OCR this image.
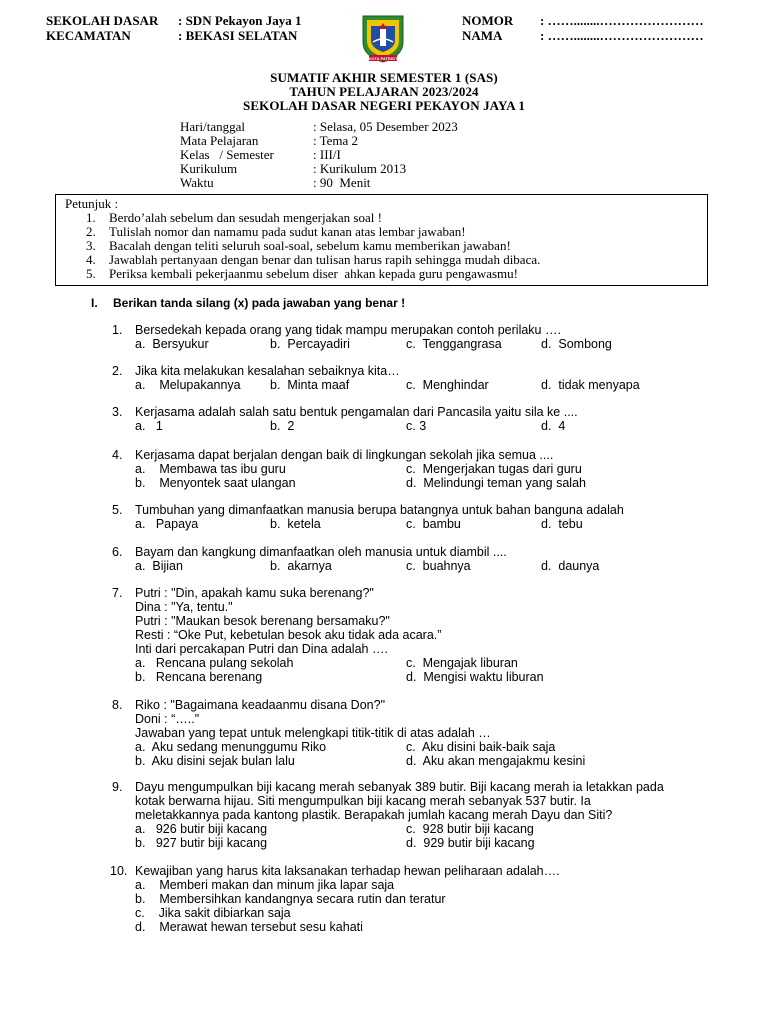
SEKOLAH DASAR : SDN Pekayon Jaya 1
KECAMATAN	: BEKASI SELATAN
NOMOR : ……........……………………
NAMA	: ……........……………………
KOTA PATRIOT
SUMATIF AKHIR SEMESTER 1 (SAS)
TAHUN PELAJARAN 2023/2024
SEKOLAH DASAR NEGERI PEKAYON JAYA 1
Hari/tanggal	: Selasa, 05 Desember 2023
Mata Pelajaran	: Tema 2
Kelas   / Semester	: III/I
Kurikulum	: Kurikulum 2013
Waktu	: 90  Menit
Petunjuk :
1. Berdo’alah sebelum dan sesudah mengerjakan soal !
2. Tulislah nomor dan namamu pada sudut kanan atas lembar jawaban!
3. Bacalah dengan teliti seluruh soal-soal, sebelum kamu memberikan jawaban!
4. Jawablah pertanyaan dengan benar dan tulisan harus rapih sehingga mudah dibaca.
5. Periksa kembali pekerjaanmu sebelum diser  ahkan kepada guru pengawasmu!
I. Berikan tanda silang (x) pada jawaban yang benar !
1. Bersedekah kepada orang yang tidak mampu merupakan contoh perilaku ….
a.  Bersyukur	b.  Percayadiri	c.  Tenggangrasa	d.  Sombong
2. Jika kita melakukan kesalahan sebaiknya kita…
a.    Melupakannya b.  Minta maaf	c.  Menghindar	d.  tidak menyapa
3. Kerjasama adalah salah satu bentuk pengamalan dari Pancasila yaitu sila ke ....
a.   1	b.  2	c. 3	d.  4
4. Kerjasama dapat berjalan dengan baik di lingkungan sekolah jika semua ....
a.    Membawa tas ibu guru	c.  Mengerjakan tugas dari guru
b.    Menyontek saat ulangan	d.  Melindungi teman yang salah
5. Tumbuhan yang dimanfaatkan manusia berupa batangnya untuk bahan banguna adalah
a.   Papaya	b.  ketela	c.  bambu	d.  tebu
6. Bayam dan kangkung dimanfaatkan oleh manusia untuk diambil ....
a.  Bijian	b.  akarnya	c.  buahnya	d.  daunya
7. Putri : "Din, apakah kamu suka berenang?"
Dina : "Ya, tentu."
Putri : "Maukan besok berenang bersamaku?"
Resti : “Oke Put, kebetulan besok aku tidak ada acara.”
Inti dari percakapan Putri dan Dina adalah ….
a.   Rencana pulang sekolah	c.  Mengajak liburan
b.   Rencana berenang	d.  Mengisi waktu liburan
8. Riko : "Bagaimana keadaanmu disana Don?"
Doni : “….."
Jawaban yang tepat untuk melengkapi titik-titik di atas adalah …
a.  Aku sedang menunggumu Riko	c.  Aku disini baik-baik saja
b.  Aku disini sejak bulan lalu	d.  Aku akan mengajakmu kesini
9. Dayu mengumpulkan biji kacang merah sebanyak 389 butir. Biji kacang merah ia letakkan pada
kotak berwarna hijau. Siti mengumpulkan biji kacang merah sebanyak 537 butir. Ia
meletakkannya pada kantong plastik. Berapakah jumlah kacang merah Dayu dan Siti?
a.   926 butir biji kacang	c.  928 butir biji kacang
b.   927 butir biji kacang	d.  929 butir biji kacang
10. Kewajiban yang harus kita laksanakan terhadap hewan peliharaan adalah….
a.    Memberi makan dan minum jika lapar saja
b.    Membersihkan kandangnya secara rutin dan teratur
c.    Jika sakit dibiarkan saja
d.    Merawat hewan tersebut sesu kahati
